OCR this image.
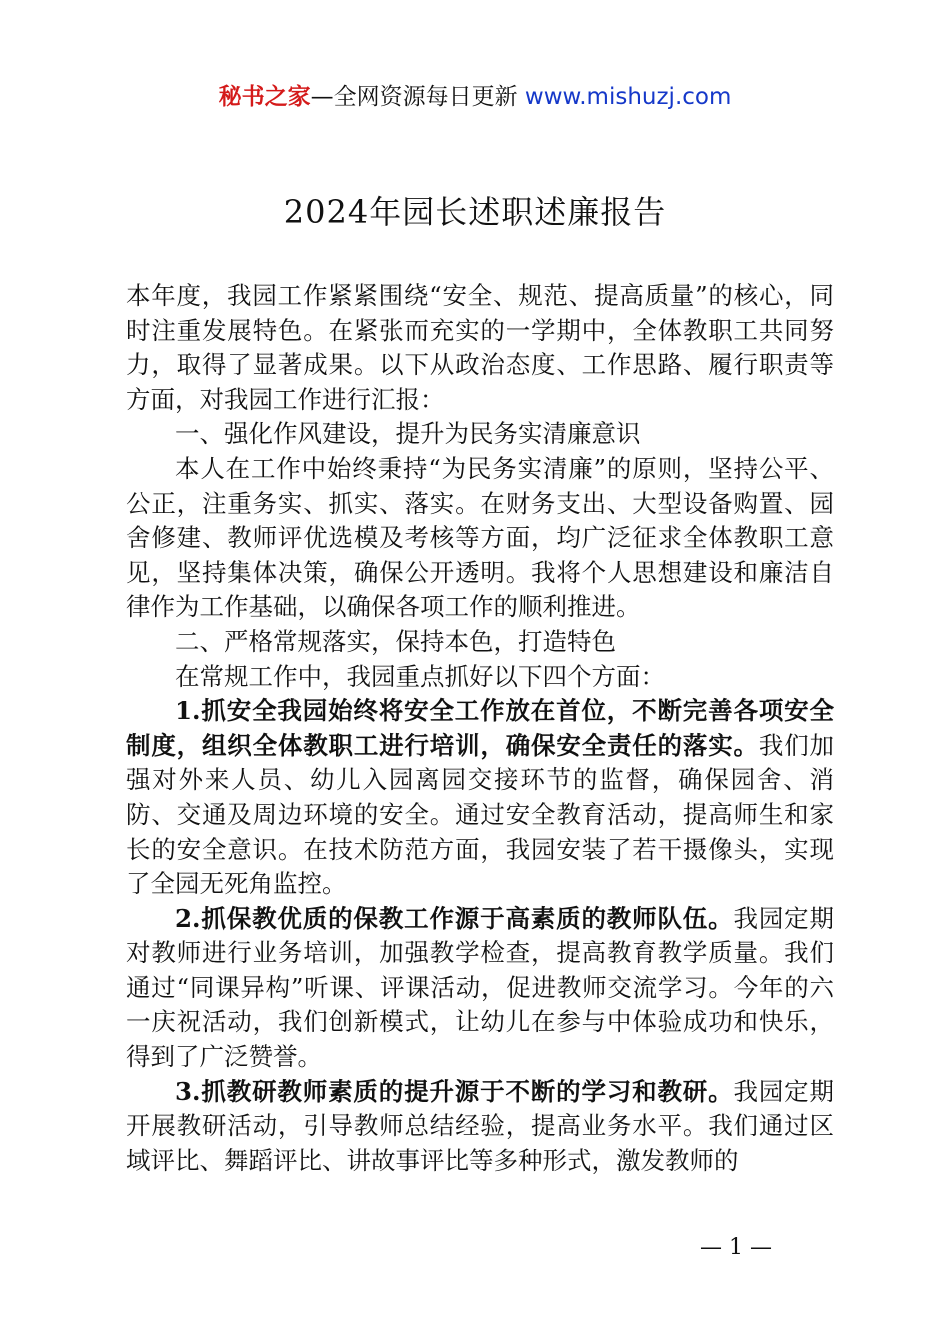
秘书之家—全网资源每日更新 www.mishuzj.com
2024年园长述职述廉报告

本年度，我园工作紧紧围绕“安全、规范、提高质量”的核心，同时注重发展特色。在紧张而充实的一学期中，全体教职工共同努力，取得了显著成果。以下从政治态度、工作思路、履行职责等方面，对我园工作进行汇报：

一、强化作风建设，提升为民务实清廉意识

本人在工作中始终秉持“为民务实清廉”的原则，坚持公平、公正，注重务实、抓实、落实。在财务支出、大型设备购置、园舍修建、教师评优选模及考核等方面，均广泛征求全体教职工意见，坚持集体决策，确保公开透明。我将个人思想建设和廉洁自律作为工作基础，以确保各项工作的顺利推进。

二、严格常规落实，保持本色，打造特色

在常规工作中，我园重点抓好以下四个方面：

1.抓安全我园始终将安全工作放在首位，不断完善各项安全制度，组织全体教职工进行培训，确保安全责任的落实。我们加强对外来人员、幼儿入园离园交接环节的监督，确保园舍、消防、交通及周边环境的安全。通过安全教育活动，提高师生和家长的安全意识。在技术防范方面，我园安装了若干摄像头，实现了全园无死角监控。

2.抓保教优质的保教工作源于高素质的教师队伍。我园定期对教师进行业务培训，加强教学检查，提高教育教学质量。我们通过“同课异构”听课、评课活动，促进教师交流学习。今年的六一庆祝活动，我们创新模式，让幼儿在参与中体验成功和快乐，得到了广泛赞誉。

3.抓教研教师素质的提升源于不断的学习和教研。我园定期开展教研活动，引导教师总结经验，提高业务水平。我们通过区域评比、舞蹈评比、讲故事评比等多种形式，激发教师的

— 1 —
